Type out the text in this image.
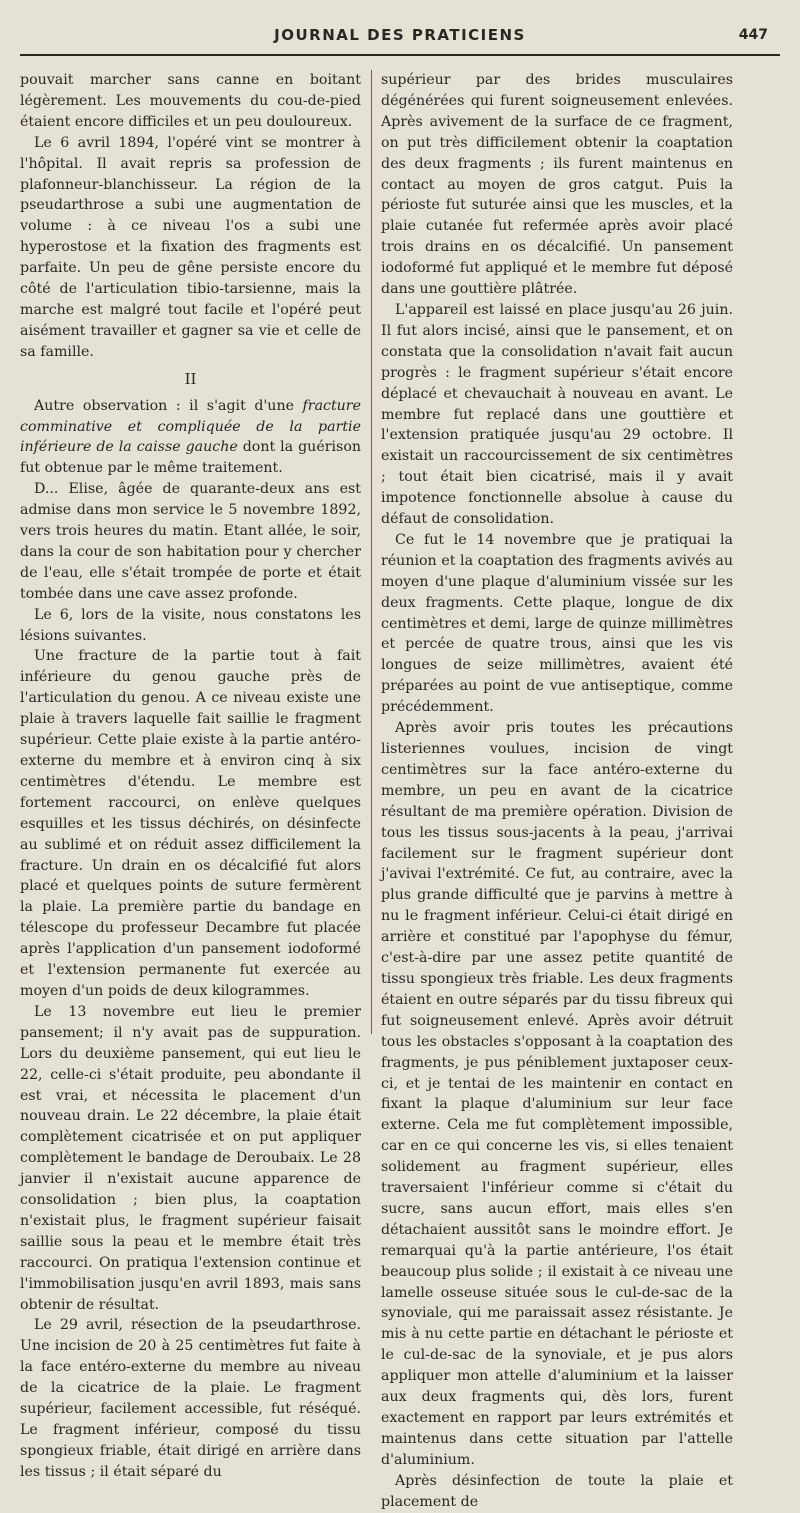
JOURNAL DES PRATICIENS	447

pouvait marcher sans canne en boitant légèrement. Les mouvements du cou-de-pied étaient encore difficiles et un peu douloureux.

Le 6 avril 1894, l'opéré vint se montrer à l'hôpital. Il avait repris sa profession de plafonneur-blanchisseur. La région de la pseudarthrose a subi une augmentation de volume : à ce niveau l'os a subi une hyperostose et la fixation des fragments est parfaite. Un peu de gêne persiste encore du côté de l'articulation tibio-tarsienne, mais la marche est malgré tout facile et l'opéré peut aisément travailler et gagner sa vie et celle de sa famille.

II

Autre observation : il s'agit d'une fracture comminative et compliquée de la partie inférieure de la caisse gauche dont la guérison fut obtenue par le même traitement.

D... Elise, âgée de quarante-deux ans est admise dans mon service le 5 novembre 1892, vers trois heures du matin. Etant allée, le soir, dans la cour de son habitation pour y chercher de l'eau, elle s'était trompée de porte et était tombée dans une cave assez profonde.

Le 6, lors de la visite, nous constatons les lésions suivantes.

Une fracture de la partie tout à fait inférieure du genou gauche près de l'articulation du genou. A ce niveau existe une plaie à travers laquelle fait saillie le fragment supérieur. Cette plaie existe à la partie antéro-externe du membre et à environ cinq à six centimètres d'étendu. Le membre est fortement raccourci, on enlève quelques esquilles et les tissus déchirés, on désinfecte au sublimé et on réduit assez difficilement la fracture. Un drain en os décalcifié fut alors placé et quelques points de suture fermèrent la plaie. La première partie du bandage en télescope du professeur Decambre fut placée après l'application d'un pansement iodoformé et l'extension permanente fut exercée au moyen d'un poids de deux kilogrammes.

Le 13 novembre eut lieu le premier pansement; il n'y avait pas de suppuration. Lors du deuxième pansement, qui eut lieu le 22, celle-ci s'était produite, peu abondante il est vrai, et nécessita le placement d'un nouveau drain. Le 22 décembre, la plaie était complètement cicatrisée et on put appliquer complètement le bandage de Deroubaix. Le 28 janvier il n'existait aucune apparence de consolidation ; bien plus, la coaptation n'existait plus, le fragment supérieur faisait saillie sous la peau et le membre était très raccourci. On pratiqua l'extension continue et l'immobilisation jusqu'en avril 1893, mais sans obtenir de résultat.

Le 29 avril, résection de la pseudarthrose. Une incision de 20 à 25 centimètres fut faite à la face entéro-externe du membre au niveau de la cicatrice de la plaie. Le fragment supérieur, facilement accessible, fut réséqué. Le fragment inférieur, composé du tissu spongieux friable, était dirigé en arrière dans les tissus ; il était séparé du

supérieur par des brides musculaires dégénérées qui furent soigneusement enlevées. Après avivement de la surface de ce fragment, on put très difficilement obtenir la coaptation des deux fragments ; ils furent maintenus en contact au moyen de gros catgut. Puis la périoste fut suturée ainsi que les muscles, et la plaie cutanée fut refermée après avoir placé trois drains en os décalcifié. Un pansement iodoformé fut appliqué et le membre fut déposé dans une gouttière plâtrée.

L'appareil est laissé en place jusqu'au 26 juin. Il fut alors incisé, ainsi que le pansement, et on constata que la consolidation n'avait fait aucun progrès : le fragment supérieur s'était encore déplacé et chevauchait à nouveau en avant. Le membre fut replacé dans une gouttière et l'extension pratiquée jusqu'au 29 octobre. Il existait un raccourcissement de six centimètres ; tout était bien cicatrisé, mais il y avait impotence fonctionnelle absolue à cause du défaut de consolidation.

Ce fut le 14 novembre que je pratiquai la réunion et la coaptation des fragments avivés au moyen d'une plaque d'aluminium vissée sur les deux fragments. Cette plaque, longue de dix centimètres et demi, large de quinze millimètres et percée de quatre trous, ainsi que les vis longues de seize millimètres, avaient été préparées au point de vue antiseptique, comme précédemment.

Après avoir pris toutes les précautions listeriennes voulues, incision de vingt centimètres sur la face antéro-externe du membre, un peu en avant de la cicatrice résultant de ma première opération. Division de tous les tissus sous-jacents à la peau, j'arrivai facilement sur le fragment supérieur dont j'avivai l'extrémité. Ce fut, au contraire, avec la plus grande difficulté que je parvins à mettre à nu le fragment inférieur. Celui-ci était dirigé en arrière et constitué par l'apophyse du fémur, c'est-à-dire par une assez petite quantité de tissu spongieux très friable. Les deux fragments étaient en outre séparés par du tissu fibreux qui fut soigneusement enlevé. Après avoir détruit tous les obstacles s'opposant à la coaptation des fragments, je pus péniblement juxtaposer ceux-ci, et je tentai de les maintenir en contact en fixant la plaque d'aluminium sur leur face externe. Cela me fut complètement impossible, car en ce qui concerne les vis, si elles tenaient solidement au fragment supérieur, elles traversaient l'inférieur comme si c'était du sucre, sans aucun effort, mais elles s'en détachaient aussitôt sans le moindre effort. Je remarquai qu'à la partie antérieure, l'os était beaucoup plus solide ; il existait à ce niveau une lamelle osseuse située sous le cul-de-sac de la synoviale, qui me paraissait assez résistante. Je mis à nu cette partie en détachant le périoste et le cul-de-sac de la synoviale, et je pus alors appliquer mon attelle d'aluminium et la laisser aux deux fragments qui, dès lors, furent exactement en rapport par leurs extrémités et maintenus dans cette situation par l'attelle d'aluminium.

Après désinfection de toute la plaie et placement de
